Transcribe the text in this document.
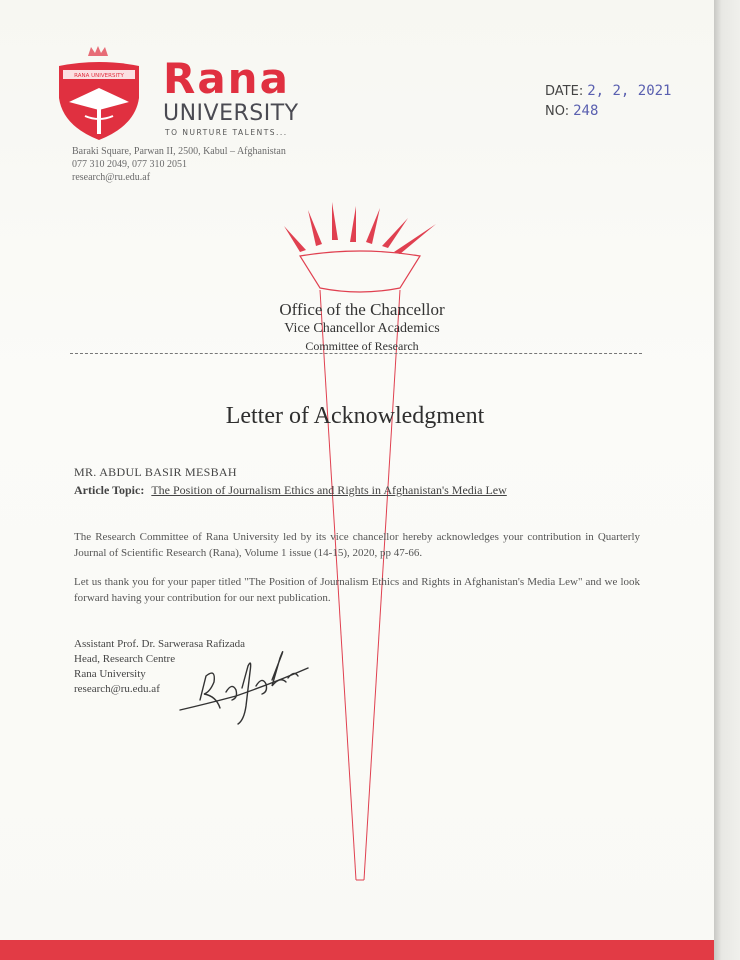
RANA UNIVERSITY Rana
UNIVERSITY
TO NURTURE TALENTS...
Baraki Square, Parwan II, 2500, Kabul – Afghanistan
077 310 2049, 077 310 2051
research@ru.edu.af
DATE: 2, 2, 2021
NO: 248
Office of the Chancellor
Vice Chancellor Academics
Committee of Research
Letter of Acknowledgment
MR. ABDUL BASIR MESBAH
Article Topic: The Position of Journalism Ethics and Rights in Afghanistan's Media Lew
The Research Committee of Rana University led by its vice chancellor hereby acknowledges your contribution in Quarterly Journal of Scientific Research (Rana), Volume 1 issue (14-15), 2020, pp 47-66.
Let us thank you for your paper titled "The Position of Journalism Ethics and Rights in Afghanistan's Media Lew" and we look forward having your contribution for our next publication.
Assistant Prof. Dr. Sarwerasa Rafizada
Head, Research Centre
Rana University
research@ru.edu.af
